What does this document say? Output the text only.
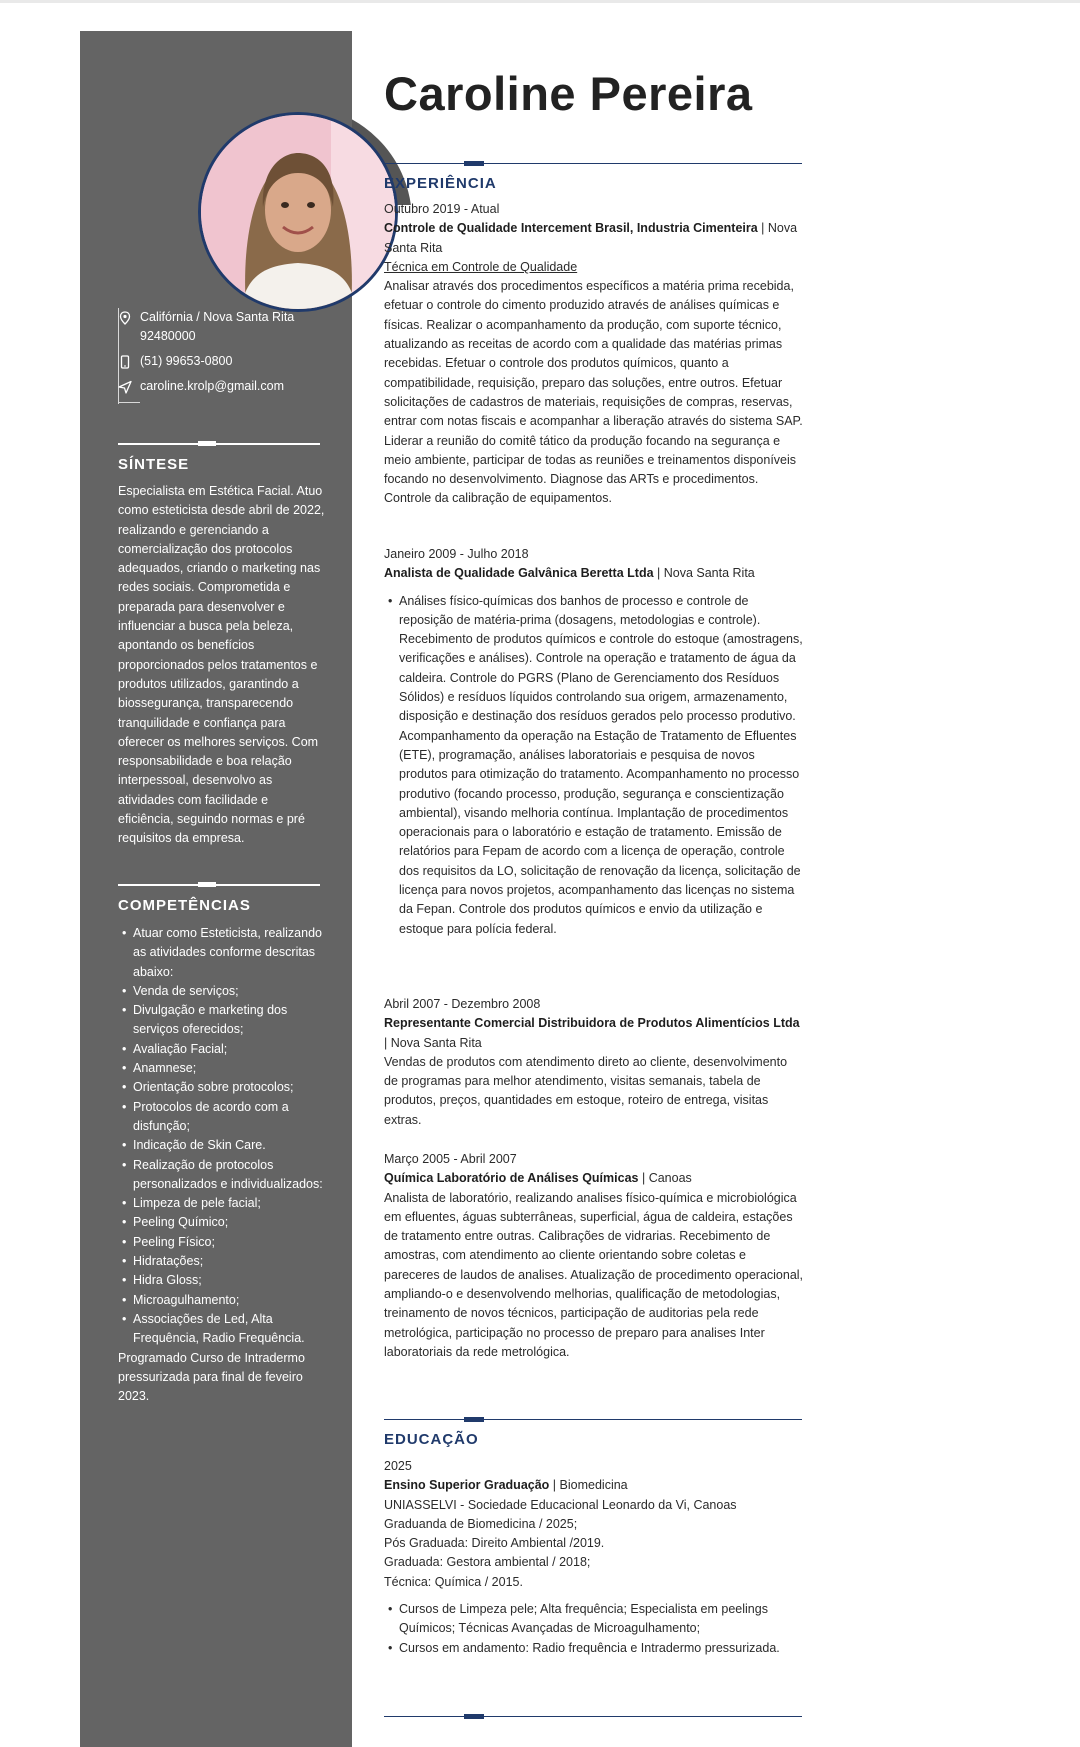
Caroline Pereira
Califórnia / Nova Santa Rita
92480000
(51) 99653-0800
caroline.krolp@gmail.com
SÍNTESE
Especialista em Estética Facial. Atuo como esteticista desde abril de 2022, realizando e gerenciando a comercialização dos protocolos adequados, criando o marketing nas redes sociais. Comprometida e preparada para desenvolver e influenciar a busca pela beleza, apontando os benefícios proporcionados pelos tratamentos e produtos utilizados, garantindo a biossegurança, transparecendo tranquilidade e confiança para oferecer os melhores serviços. Com responsabilidade e boa relação interpessoal, desenvolvo as atividades com facilidade e eficiência, seguindo normas e pré requisitos da empresa.
COMPETÊNCIAS
• Atuar como Esteticista, realizando as atividades conforme descritas abaixo:
• Venda de serviços;
• Divulgação e marketing dos serviços oferecidos;
• Avaliação Facial;
• Anamnese;
• Orientação sobre protocolos;
• Protocolos de acordo com a disfunção;
• Indicação de Skin Care.
• Realização de protocolos personalizados e individualizados:
• Limpeza de pele facial;
• Peeling Químico;
• Peeling Físico;
• Hidratações;
• Hidra Gloss;
• Microagulhamento;
• Associações de Led, Alta Frequência, Radio Frequência.
Programado Curso de Intradermo pressurizada para final de feveiro 2023.
EXPERIÊNCIA

Outubro 2019 - Atual

Controle de Qualidade Intercement Brasil, Industria Cimenteira | Nova Santa Rita

Técnica em Controle de Qualidade

Analisar através dos procedimentos específicos a matéria prima recebida, efetuar o controle do cimento produzido através de análises químicas e físicas. Realizar o acompanhamento da produção, com suporte técnico, atualizando as receitas de acordo com a qualidade das matérias primas recebidas. Efetuar o controle dos produtos químicos, quanto a compatibilidade, requisição, preparo das soluções, entre outros. Efetuar solicitações de cadastros de materiais, requisições de compras, reservas, entrar com notas fiscais e acompanhar a liberação através do sistema SAP. Liderar a reunião do comitê tático da produção focando na segurança e meio ambiente, participar de todas as reuniões e treinamentos disponíveis focando no desenvolvimento. Diagnose das ARTs e procedimentos. Controle da calibração de equipamentos.

Janeiro 2009 - Julho 2018

Analista de Qualidade Galvânica Beretta Ltda | Nova Santa Rita

• Análises físico-químicas dos banhos de processo e controle de reposição de matéria-prima (dosagens, metodologias e controle). Recebimento de produtos químicos e controle do estoque (amostragens, verificações e análises). Controle na operação e tratamento de água da caldeira. Controle do PGRS (Plano de Gerenciamento dos Resíduos Sólidos) e resíduos líquidos controlando sua origem, armazenamento, disposição e destinação dos resíduos gerados pelo processo produtivo. Acompanhamento da operação na Estação de Tratamento de Efluentes (ETE), programação, análises laboratoriais e pesquisa de novos produtos para otimização do tratamento. Acompanhamento no processo produtivo (focando processo, produção, segurança e conscientização ambiental), visando melhoria contínua. Implantação de procedimentos operacionais para o laboratório e estação de tratamento. Emissão de relatórios para Fepam de acordo com a licença de operação, controle dos requisitos da LO, solicitação de renovação da licença, solicitação de licença para novos projetos, acompanhamento das licenças no sistema da Fepan. Controle dos produtos químicos e envio da utilização e estoque para polícia federal.

Abril 2007 - Dezembro 2008

Representante Comercial Distribuidora de Produtos Alimentícios Ltda | Nova Santa Rita

Vendas de produtos com atendimento direto ao cliente, desenvolvimento de programas para melhor atendimento, visitas semanais, tabela de produtos, preços, quantidades em estoque, roteiro de entrega, visitas extras.

Março 2005 - Abril 2007

Química Laboratório de Análises Químicas | Canoas

Analista de laboratório, realizando analises físico-química e microbiológica em efluentes, águas subterrâneas, superficial, água de caldeira, estações de tratamento entre outras. Calibrações de vidrarias. Recebimento de amostras, com atendimento ao cliente orientando sobre coletas e pareceres de laudos de analises. Atualização de procedimento operacional, ampliando-o e desenvolvendo melhorias, qualificação de metodologias, treinamento de novos técnicos, participação de auditorias pela rede metrológica, participação no processo de preparo para analises Inter laboratoriais da rede metrológica.

EDUCAÇÃO

2025

Ensino Superior Graduação | Biomedicina

UNIASSELVI - Sociedade Educacional Leonardo da Vi, Canoas

Graduanda de Biomedicina / 2025;

Pós Graduada: Direito Ambiental /2019.

Graduada: Gestora ambiental / 2018;

Técnica: Química / 2015.

• Cursos de Limpeza pele; Alta frequência; Especialista em peelings Químicos; Técnicas Avançadas de Microagulhamento;
• Cursos em andamento: Radio frequência e Intradermo pressurizada.
